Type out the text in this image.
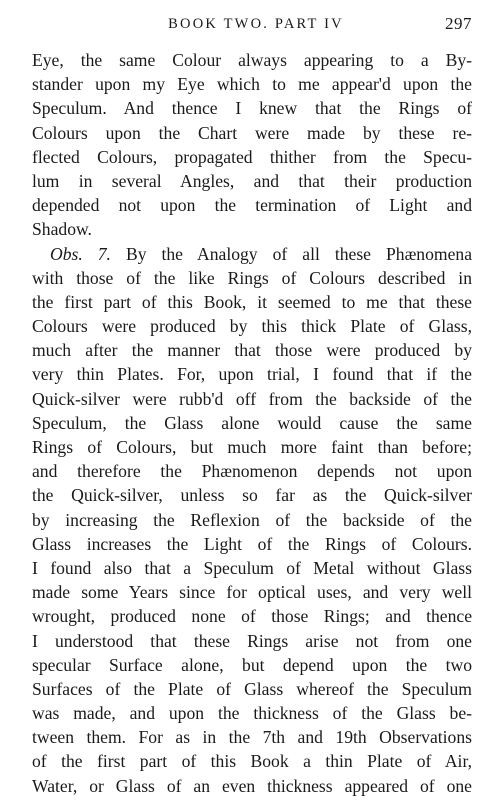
BOOK TWO. PART IV	297
Eye, the same Colour always appearing to a By-
stander upon my Eye which to me appear'd upon the
Speculum. And thence I knew that the Rings of
Colours upon the Chart were made by these re-
flected Colours, propagated thither from the Specu-
lum in several Angles, and that their production
depended not upon the termination of Light and
Shadow.
Obs. 7. By the Analogy of all these Phænomena
with those of the like Rings of Colours described in
the first part of this Book, it seemed to me that these
Colours were produced by this thick Plate of Glass,
much after the manner that those were produced by
very thin Plates. For, upon trial, I found that if the
Quick-silver were rubb'd off from the backside of the
Speculum, the Glass alone would cause the same
Rings of Colours, but much more faint than before;
and therefore the Phænomenon depends not upon
the Quick-silver, unless so far as the Quick-silver
by increasing the Reflexion of the backside of the
Glass increases the Light of the Rings of Colours.
I found also that a Speculum of Metal without Glass
made some Years since for optical uses, and very well
wrought, produced none of those Rings; and thence
I understood that these Rings arise not from one
specular Surface alone, but depend upon the two
Surfaces of the Plate of Glass whereof the Speculum
was made, and upon the thickness of the Glass be-
tween them. For as in the 7th and 19th Observations
of the first part of this Book a thin Plate of Air,
Water, or Glass of an even thickness appeared of one
